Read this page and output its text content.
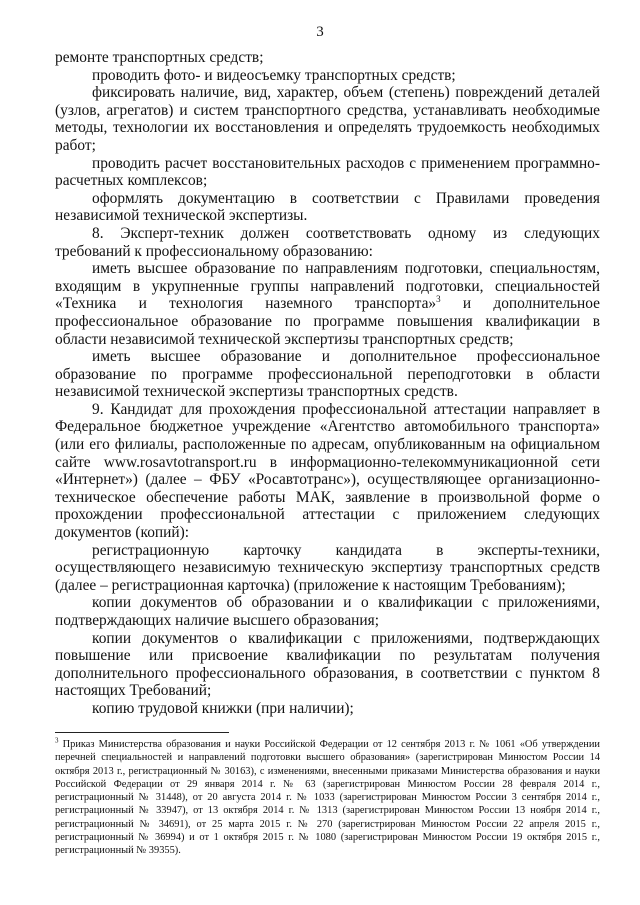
3

ремонте транспортных средств;

проводить фото- и видеосъемку транспортных средств;

фиксировать наличие, вид, характер, объем (степень) повреждений деталей (узлов, агрегатов) и систем транспортного средства, устанавливать необходимые методы, технологии их восстановления и определять трудоемкость необходимых работ;

проводить расчет восстановительных расходов с применением программно-расчетных комплексов;

оформлять документацию в соответствии с Правилами проведения независимой технической экспертизы.

8. Эксперт-техник должен соответствовать одному из следующих требований к профессиональному образованию:

иметь высшее образование по направлениям подготовки, специальностям, входящим в укрупненные группы направлений подготовки, специальностей «Техника и технология наземного транспорта»$^3$ и дополнительное профессиональное образование по программе повышения квалификации в области независимой технической экспертизы транспортных средств;

иметь высшее образование и дополнительное профессиональное образование по программе профессиональной переподготовки в области независимой технической экспертизы транспортных средств.

9. Кандидат для прохождения профессиональной аттестации направляет в Федеральное бюджетное учреждение «Агентство автомобильного транспорта» (или его филиалы, расположенные по адресам, опубликованным на официальном сайте www.rosavtotransport.ru в информационно-телекоммуникационной сети «Интернет») (далее – ФБУ «Росавтотранс»), осуществляющее организационно-техническое обеспечение работы МАК, заявление в произвольной форме о прохождении профессиональной аттестации с приложением следующих документов (копий):

регистрационную карточку кандидата в эксперты-техники, осуществляющего независимую техническую экспертизу транспортных средств (далее – регистрационная карточка) (приложение к настоящим Требованиям);

копии документов об образовании и о квалификации с приложениями, подтверждающих наличие высшего образования;

копии документов о квалификации с приложениями, подтверждающих повышение или присвоение квалификации по результатам получения дополнительного профессионального образования, в соответствии с пунктом 8 настоящих Требований;

копию трудовой книжки (при наличии);

$^3$ Приказ Министерства образования и науки Российской Федерации от 12 сентября 2013 г. № 1061 «Об утверждении перечней специальностей и направлений подготовки высшего образования» (зарегистрирован Минюстом России 14 октября 2013 г., регистрационный № 30163), с изменениями, внесенными приказами Министерства образования и науки Российской Федерации от 29 января 2014 г. № 63 (зарегистрирован Минюстом России 28 февраля 2014 г., регистрационный № 31448), от 20 августа 2014 г. № 1033 (зарегистрирован Минюстом России 3 сентября 2014 г., регистрационный № 33947), от 13 октября 2014 г. № 1313 (зарегистрирован Минюстом России 13 ноября 2014 г., регистрационный № 34691), от 25 марта 2015 г. № 270 (зарегистрирован Минюстом России 22 апреля 2015 г., регистрационный № 36994) и от 1 октября 2015 г. № 1080 (зарегистрирован Минюстом России 19 октября 2015 г., регистрационный № 39355).
